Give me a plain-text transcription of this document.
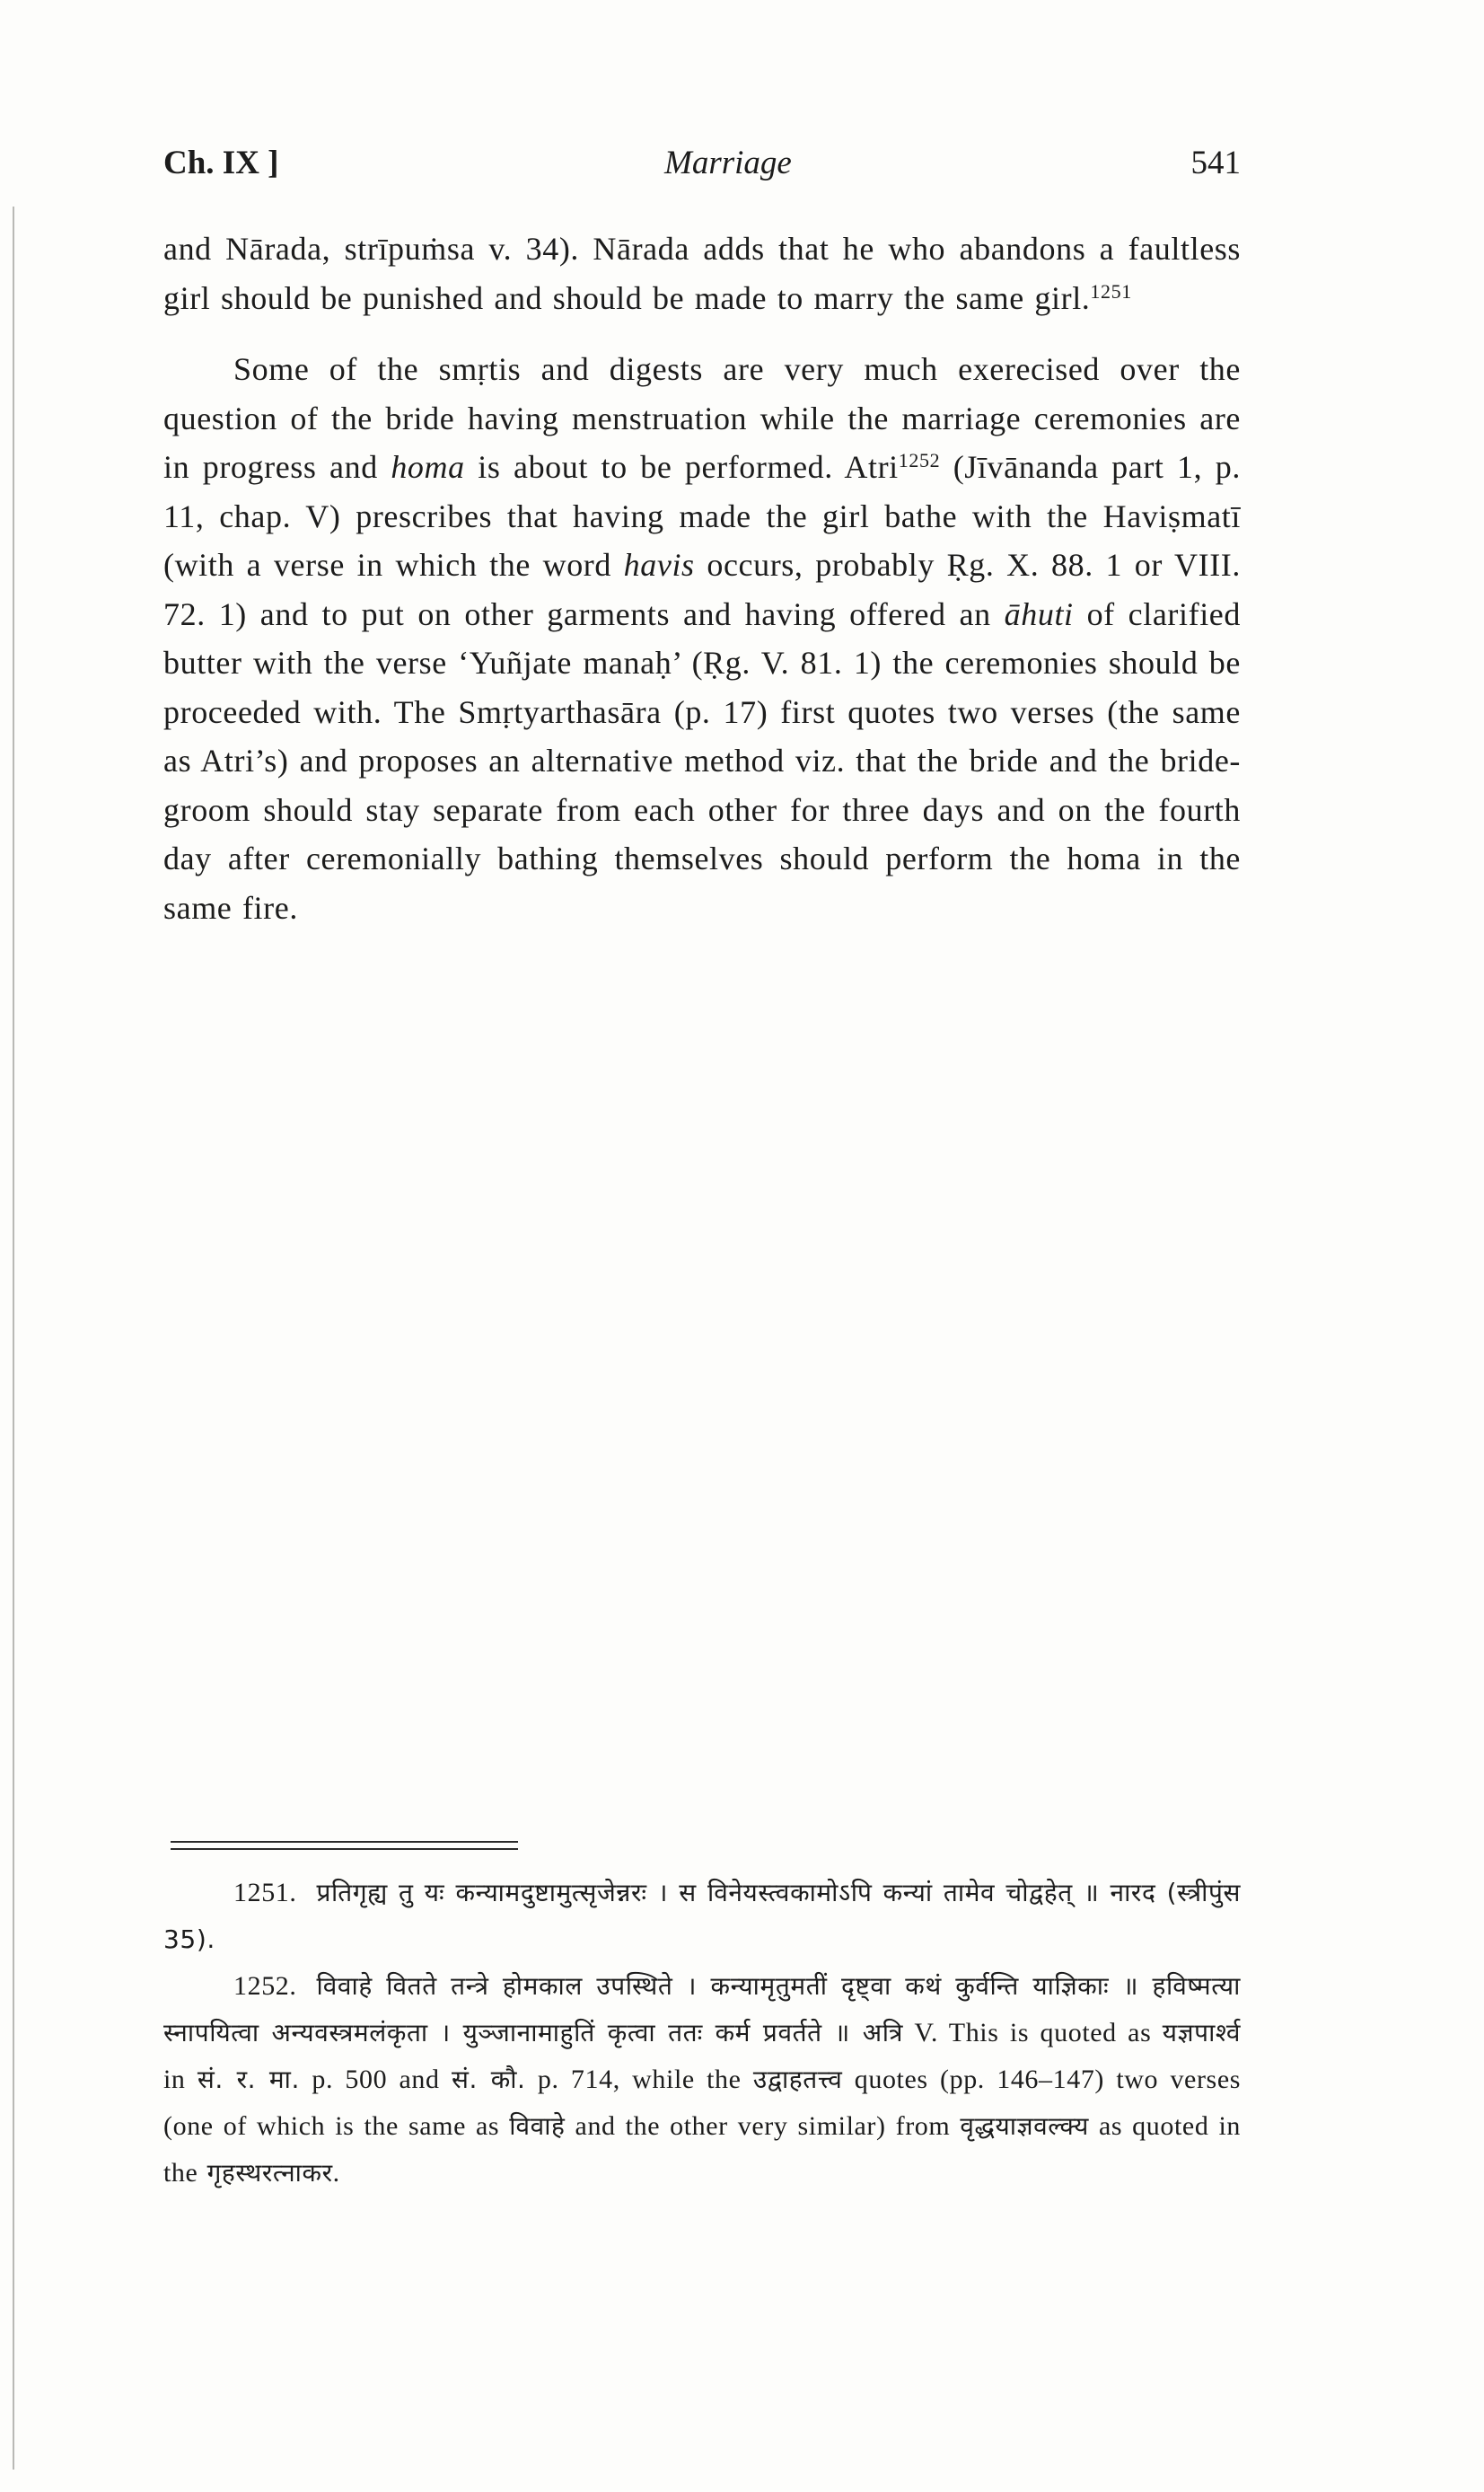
Ch. IX ]	Marriage	541

and Nārada, strīpuṁsa v. 34). Nārada adds that he who abandons a faultless girl should be punished and should be made to marry the same girl.$^{1251}$

Some of the smṛtis and digests are very much exerecised over the question of the bride having menstruation while the marriage ceremonies are in progress and homa is about to be performed. Atri$^{1252}$ (Jīvānanda part 1, p. 11, chap. V) prescribes that having made the girl bathe with the Haviṣmatī (with a verse in which the word havis occurs, probably Ṛg. X. 88. 1 or VIII. 72. 1) and to put on other garments and having offered an āhuti of clarified butter with the verse ‘Yuñjate manaḥ’ (Ṛg. V. 81. 1) the ceremonies should be proceeded with. The Smṛtyarthasāra (p. 17) first quotes two verses (the same as Atri’s) and proposes an alternative method viz. that the bride and the bride-groom should stay separate from each other for three days and on the fourth day after ceremonially bathing themselves should perform the homa in the same fire.

1251. प्रतिगृह्य तु यः कन्यामदुष्टामुत्सृजेन्नरः । स विनेयस्त्वकामोऽपि कन्यां तामेव चोद्वहेत् ॥ नारद (स्त्रीपुंस 35).

1252. विवाहे वितते तन्त्रे होमकाल उपस्थिते । कन्यामृतुमतीं दृष्ट्वा कथं कुर्वन्ति याज्ञिकाः ॥ हविष्मत्या स्नापयित्वा अन्यवस्त्रमलंकृता । युञ्जानामाहुतिं कृत्वा ततः कर्म प्रवर्तते ॥ अत्रि V. This is quoted as यज्ञपार्श्व in सं. र. मा. p. 500 and सं. कौ. p. 714, while the उद्वाहतत्त्व quotes (pp. 146–147) two verses (one of which is the same as विवाहे and the other very similar) from वृद्धयाज्ञवल्क्य as quoted in the गृहस्थरत्नाकर.
